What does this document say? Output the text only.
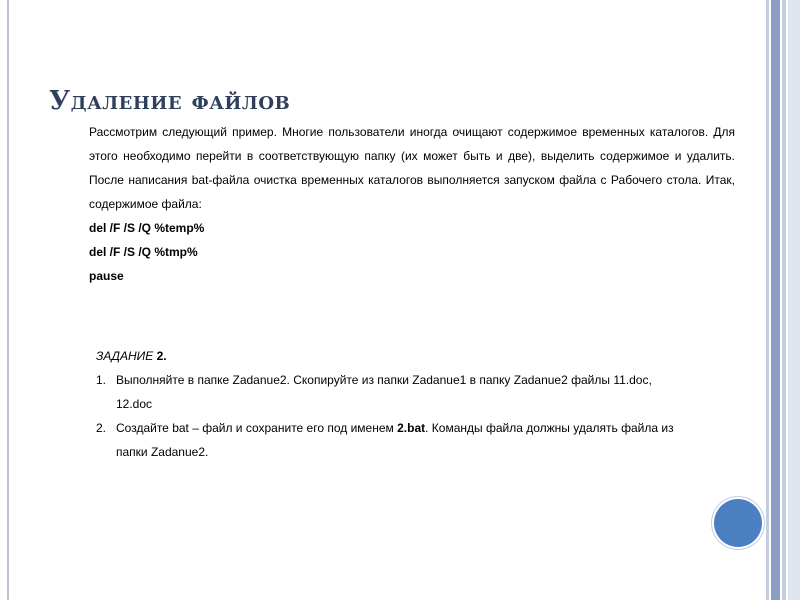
Удаление файлов

Рассмотрим следующий пример. Многие пользователи иногда очищают содержимое временных каталогов. Для этого необходимо перейти в соответствующую папку (их может быть и две), выделить содержимое и удалить. После написания bat-файла очистка временных каталогов выполняется запуском файла с Рабочего стола. Итак, содержимое файла:

del /F /S /Q %temp%

del /F /S /Q %tmp%

pause

ЗАДАНИЕ 2.

1. Выполняйте в папке Zadanue2. Скопируйте из папки Zadanue1 в папку Zadanue2 файлы 11.doc, 12.doc
2. Создайте bat – файл и сохраните его под именем 2.bat. Команды файла должны удалять файла из папки Zadanue2.
